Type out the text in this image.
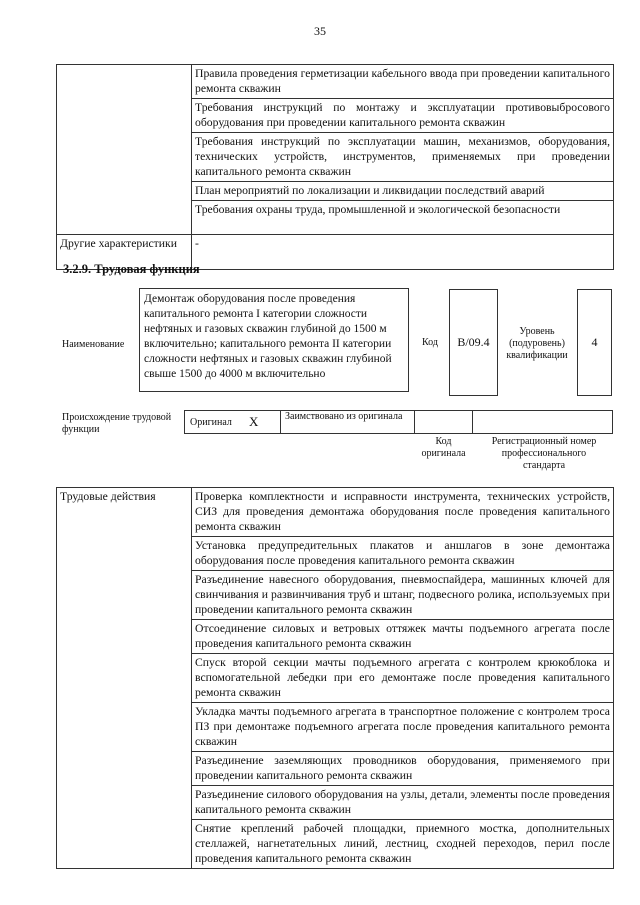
35
	Правила проведения герметизации кабельного ввода при проведении капитального ремонта скважин
	Требования инструкций по монтажу и эксплуатации противовыбросового оборудования при проведении капитального ремонта скважин
	Требования инструкций по эксплуатации машин, механизмов, оборудования, технических устройств, инструментов, применяемых при проведении капитального ремонта скважин
	План мероприятий по локализации и ликвидации последствий аварий
	Требования охраны труда, промышленной и экологической безопасности
Другие характеристики	-
3.2.9. Трудовая функция
Наименование
Демонтаж оборудования после проведения капитального ремонта I категории сложности нефтяных и газовых скважин глубиной до 1500 м включительно; капитального ремонта II категории сложности нефтяных и газовых скважин глубиной свыше 1500 до 4000 м включительно
Код В/09.4
Уровень (подуровень) квалификации
4
Происхождение трудовой функции
Оригинал X	Заимствовано из оригинала
Код оригинала
Регистрационный номер профессионального стандарта
Трудовые действия	Проверка комплектности и исправности инструмента, технических устройств, СИЗ для проведения демонтажа оборудования после проведения капитального ремонта скважин
Установка предупредительных плакатов и аншлагов в зоне демонтажа оборудования после проведения капитального ремонта скважин
Разъединение навесного оборудования, пневмоспайдера, машинных ключей для свинчивания и развинчивания труб и штанг, подвесного ролика, используемых при проведении капитального ремонта скважин
Отсоединение силовых и ветровых оттяжек мачты подъемного агрегата после проведения капитального ремонта скважин
Спуск второй секции мачты подъемного агрегата с контролем крюкоблока и вспомогательной лебедки при его демонтаже после проведения капитального ремонта скважин
Укладка мачты подъемного агрегата в транспортное положение с контролем троса ПЗ при демонтаже подъемного агрегата после проведения капитального ремонта скважин
Разъединение заземляющих проводников оборудования, применяемого при проведении капитального ремонта скважин
Разъединение силового оборудования на узлы, детали, элементы после проведения капитального ремонта скважин
Снятие креплений рабочей площадки, приемного мостка, дополнительных стеллажей, нагнетательных линий, лестниц, сходней переходов, перил после проведения капитального ремонта скважин
